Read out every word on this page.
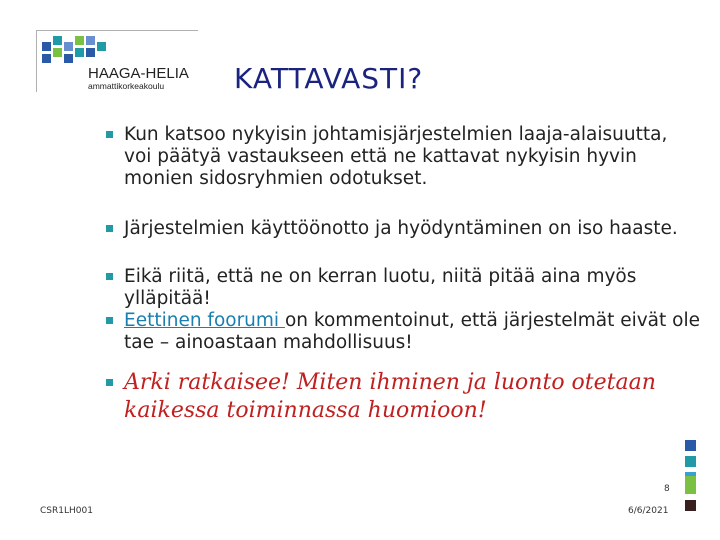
HAAGA-HELIA
ammattikorkeakoulu KATTAVASTI?
Kun katsoo nykyisin johtamisjärjestelmien laaja-alaisuutta, voi päätyä vastaukseen että ne kattavat nykyisin hyvin monien sidosryhmien odotukset.
Järjestelmien käyttöönotto ja hyödyntäminen on iso haaste.
Eikä riitä, että ne on kerran luotu, niitä pitää aina myös ylläpitää!
Eettinen foorumi on kommentoinut, että järjestelmät eivät ole tae – ainoastaan mahdollisuus!
Arki ratkaisee! Miten ihminen ja luonto otetaan kaikessa toiminnassa huomioon!
8
CSR1LH001	6/6/2021
